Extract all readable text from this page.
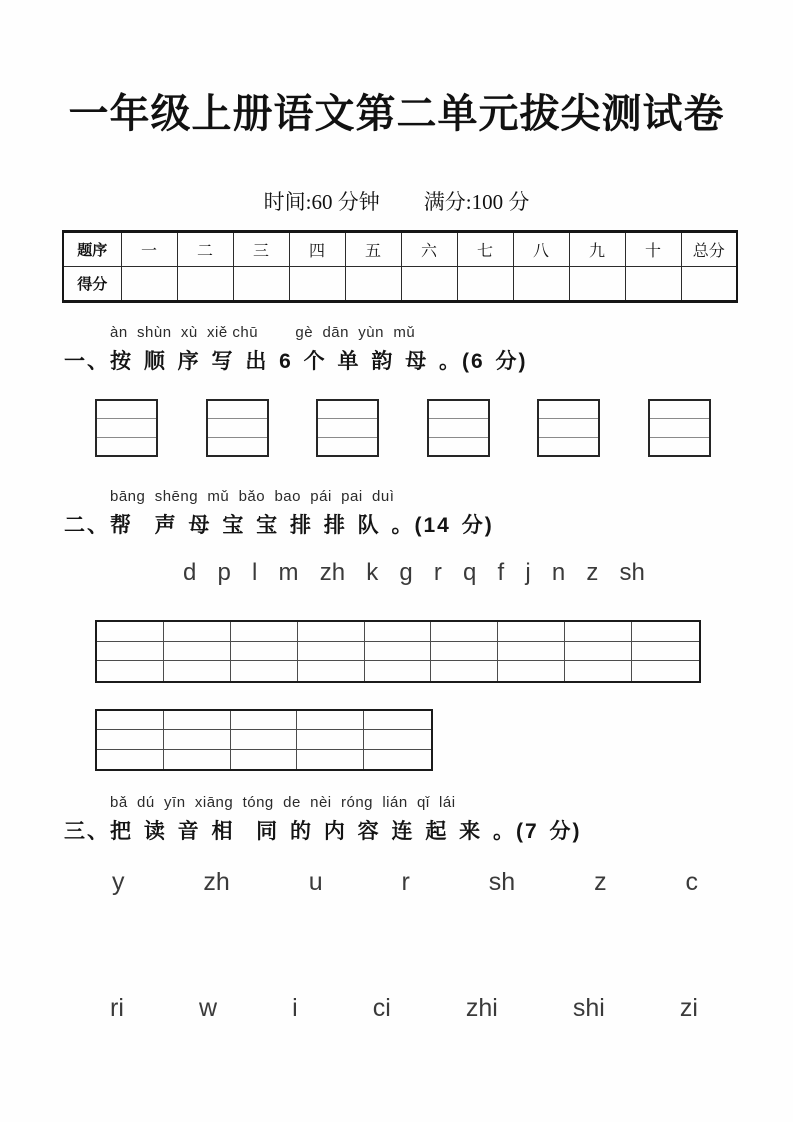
一年级上册语文第二单元拔尖测试卷
时间:60 分钟 满分:100 分
题序	一	二	三	四	五	六	七	八	九	十	总分
得分											
àn  shùn  xù  xiě chū        gè  dān  yùn  mǔ
一、按 顺 序 写 出 6 个 单 韵 母 。(6 分)
bāng  shēng  mǔ  bǎo  bao  pái  pai  duì
二、帮  声 母 宝 宝 排 排 队 。(14 分)
d p l m zh k g r q f j n z sh
bǎ  dú  yīn  xiāng  tóng  de  nèi  róng  lián  qǐ  lái
三、把 读 音 相  同 的 内 容 连 起 来 。(7 分)
y	zh	u	r	sh	z	c
ri	w	i	ci	zhi	shi	zi
